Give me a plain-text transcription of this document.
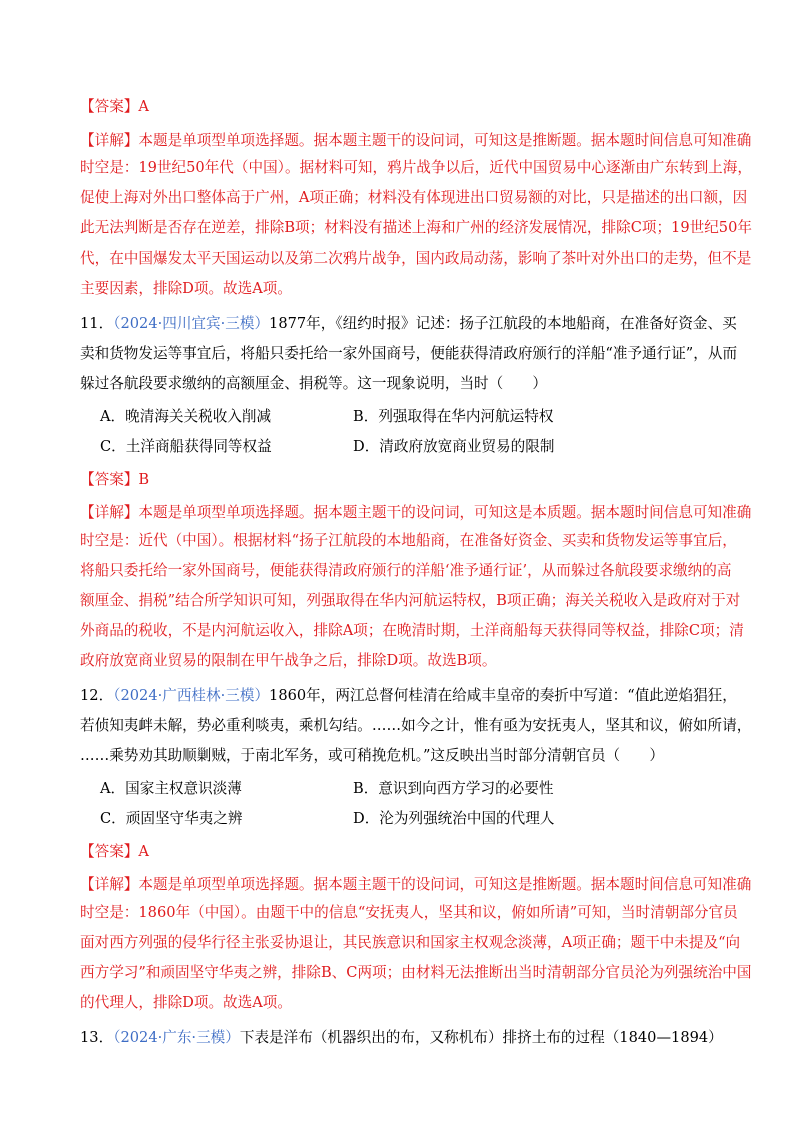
【答案】A
【详解】本题是单项型单项选择题。据本题主题干的设问词，可知这是推断题。据本题时间信息可知准确
时空是：19世纪50年代（中国）。据材料可知，鸦片战争以后，近代中国贸易中心逐渐由广东转到上海，
促使上海对外出口整体高于广州，A项正确；材料没有体现进出口贸易额的对比，只是描述的出口额，因
此无法判断是否存在逆差，排除B项；材料没有描述上海和广州的经济发展情况，排除C项；19世纪50年
代，在中国爆发太平天国运动以及第二次鸦片战争，国内政局动荡，影响了茶叶对外出口的走势，但不是
主要因素，排除D项。故选A项。
11．（2024·四川宜宾·三模）1877年，《纽约时报》记述：扬子江航段的本地船商，在准备好资金、买
卖和货物发运等事宜后，将船只委托给一家外国商号，便能获得清政府颁行的洋船“准予通行证”，从而
躲过各航段要求缴纳的高额厘金、捐税等。这一现象说明，当时（　　）
A．晚清海关关税收入削减	B．列强取得在华内河航运特权
C．土洋商船获得同等权益	D．清政府放宽商业贸易的限制
【答案】B
【详解】本题是单项型单项选择题。据本题主题干的设问词，可知这是本质题。据本题时间信息可知准确
时空是：近代（中国）。根据材料“扬子江航段的本地船商，在准备好资金、买卖和货物发运等事宜后，
将船只委托给一家外国商号，便能获得清政府颁行的洋船‘准予通行证’，从而躲过各航段要求缴纳的高
额厘金、捐税”结合所学知识可知，列强取得在华内河航运特权，B项正确；海关关税收入是政府对于对
外商品的税收，不是内河航运收入，排除A项；在晚清时期，土洋商船每天获得同等权益，排除C项；清
政府放宽商业贸易的限制在甲午战争之后，排除D项。故选B项。
12．（2024·广西桂林·三模）1860年，两江总督何桂清在给咸丰皇帝的奏折中写道：“值此逆焰猖狂，
若侦知夷衅未解，势必重利啖夷，乘机勾结。……如今之计，惟有亟为安抚夷人，坚其和议，俯如所请，
……乘势劝其助顺剿贼，于南北军务，或可稍挽危机。”这反映出当时部分清朝官员（　　）
A．国家主权意识淡薄	B．意识到向西方学习的必要性
C．顽固坚守华夷之辨	D．沦为列强统治中国的代理人
【答案】A
【详解】本题是单项型单项选择题。据本题主题干的设问词，可知这是推断题。据本题时间信息可知准确
时空是：1860年（中国）。由题干中的信息“安抚夷人，坚其和议，俯如所请”可知，当时清朝部分官员
面对西方列强的侵华行径主张妥协退让，其民族意识和国家主权观念淡薄，A项正确；题干中未提及“向
西方学习”和顽固坚守华夷之辨，排除B、C两项；由材料无法推断出当时清朝部分官员沦为列强统治中国
的代理人，排除D项。故选A项。
13．（2024·广东·三模）下表是洋布（机器织出的布，又称机布）排挤土布的过程（1840—1894）
